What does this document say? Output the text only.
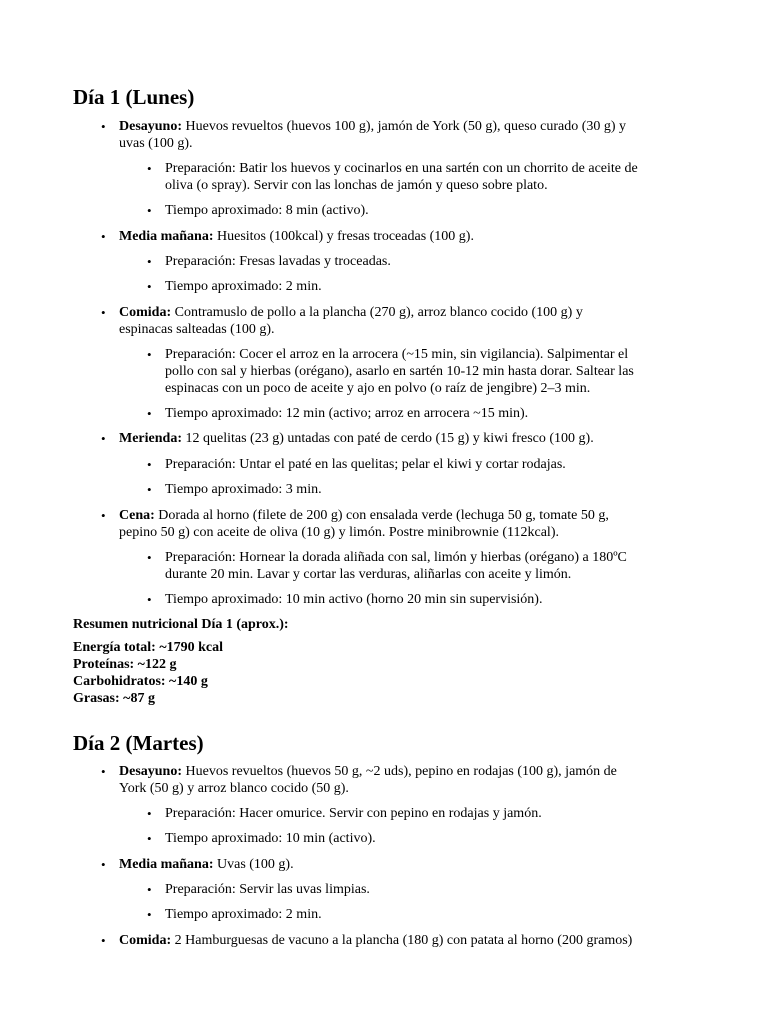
Día 1 (Lunes)
• Desayuno: Huevos revueltos (huevos 100 g), jamón de York (50 g), queso curado (30 g) y
uvas (100 g).
• Preparación: Batir los huevos y cocinarlos en una sartén con un chorrito de aceite de
oliva (o spray). Servir con las lonchas de jamón y queso sobre plato.
• Tiempo aproximado: 8 min (activo).
• Media mañana: Huesitos (100kcal) y fresas troceadas (100 g).
• Preparación: Fresas lavadas y troceadas.
• Tiempo aproximado: 2 min.
• Comida: Contramuslo de pollo a la plancha (270 g), arroz blanco cocido (100 g) y
espinacas salteadas (100 g).
• Preparación: Cocer el arroz en la arrocera (~15 min, sin vigilancia). Salpimentar el
pollo con sal y hierbas (orégano), asarlo en sartén 10-12 min hasta dorar. Saltear las
espinacas con un poco de aceite y ajo en polvo (o raíz de jengibre) 2–3 min.
• Tiempo aproximado: 12 min (activo; arroz en arrocera ~15 min).
• Merienda: 12 quelitas (23 g) untadas con paté de cerdo (15 g) y kiwi fresco (100 g).
• Preparación: Untar el paté en las quelitas; pelar el kiwi y cortar rodajas.
• Tiempo aproximado: 3 min.
• Cena: Dorada al horno (filete de 200 g) con ensalada verde (lechuga 50 g, tomate 50 g,
pepino 50 g) con aceite de oliva (10 g) y limón. Postre minibrownie (112kcal).
• Preparación: Hornear la dorada aliñada con sal, limón y hierbas (orégano) a 180ºC
durante 20 min. Lavar y cortar las verduras, aliñarlas con aceite y limón.
• Tiempo aproximado: 10 min activo (horno 20 min sin supervisión).
Resumen nutricional Día 1 (aprox.):
Energía total: ~1790 kcal
Proteínas: ~122 g
Carbohidratos: ~140 g
Grasas: ~87 g
Día 2 (Martes)
• Desayuno: Huevos revueltos (huevos 50 g, ~2 uds), pepino en rodajas (100 g), jamón de
York (50 g) y arroz blanco cocido (50 g).
• Preparación: Hacer omurice. Servir con pepino en rodajas y jamón.
• Tiempo aproximado: 10 min (activo).
• Media mañana: Uvas (100 g).
• Preparación: Servir las uvas limpias.
• Tiempo aproximado: 2 min.
• Comida: 2 Hamburguesas de vacuno a la plancha (180 g) con patata al horno (200 gramos)
